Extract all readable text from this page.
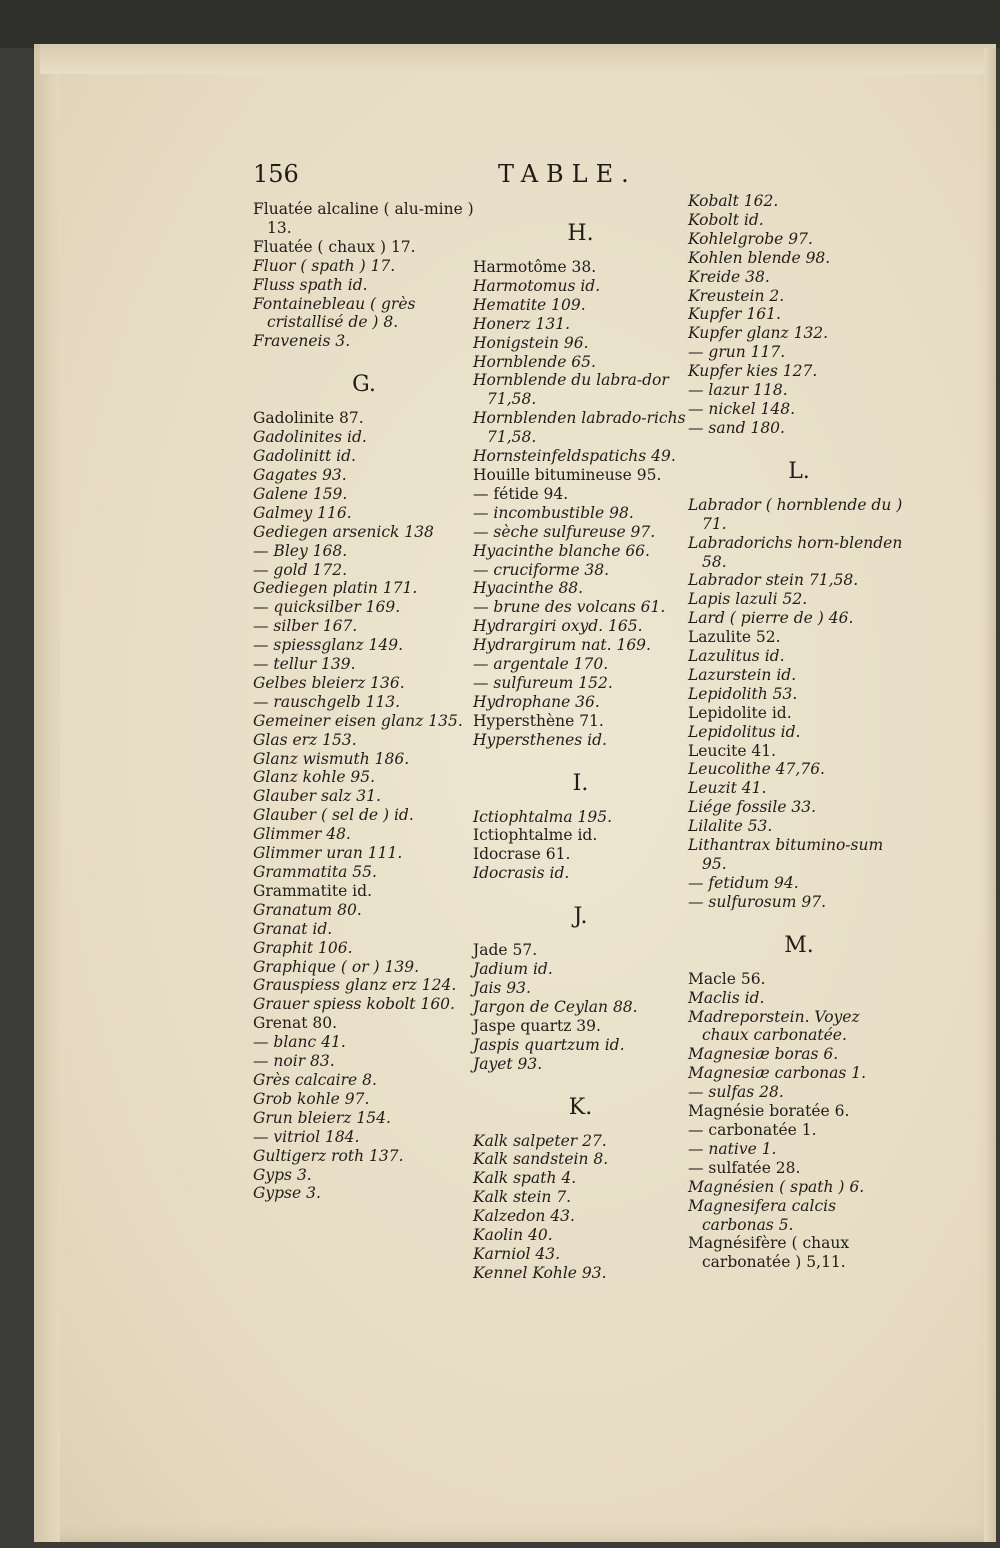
156	TABLE.
Fluatée alcaline ( alu-mine ) 13.
Fluatée ( chaux ) 17.
Fluor ( spath ) 17.
Fluss spath id.
Fontainebleau ( grès cristallisé de ) 8.
Fraveneis 3.
G.
Gadolinite 87.
Gadolinites id.
Gadolinitt id.
Gagates 93.
Galene 159.
Galmey 116.
Gediegen arsenick 138
— Bley 168.
— gold 172.
Gediegen platin 171.
— quicksilber 169.
— silber 167.
— spiessglanz 149.
— tellur 139.
Gelbes bleierz 136.
— rauschgelb 113.
Gemeiner eisen glanz 135.
Glas erz 153.
Glanz wismuth 186.
Glanz kohle 95.
Glauber salz 31.
Glauber ( sel de ) id.
Glimmer 48.
Glimmer uran 111.
Grammatita 55.
Grammatite id.
Granatum 80.
Granat id.
Graphit 106.
Graphique ( or ) 139.
Grauspiess glanz erz 124.
Grauer spiess kobolt 160.
Grenat 80.
— blanc 41.
— noir 83.
Grès calcaire 8.
Grob kohle 97.
Grun bleierz 154.
— vitriol 184.
Gultigerz roth 137.
Gyps 3.
Gypse 3.
H.
Harmotôme 38.
Harmotomus id.
Hematite 109.
Honerz 131.
Honigstein 96.
Hornblende 65.
Hornblende du labra-dor 71,58.
Hornblenden labrado-richs 71,58.
Hornsteinfeldspatichs 49.
Houille bitumineuse 95.
— fétide 94.
— incombustible 98.
— sèche sulfureuse 97.
Hyacinthe blanche 66.
— cruciforme 38.
Hyacinthe 88.
— brune des volcans 61.
Hydrargiri oxyd. 165.
Hydrargirum nat. 169.
— argentale 170.
— sulfureum 152.
Hydrophane 36.
Hypersthène 71.
Hypersthenes id.
I.
Ictiophtalma 195.
Ictiophtalme id.
Idocrase 61.
Idocrasis id.
J.
Jade 57.
Jadium id.
Jais 93.
Jargon de Ceylan 88.
Jaspe quartz 39.
Jaspis quartzum id.
Jayet 93.
K.
Kalk salpeter 27.
Kalk sandstein 8.
Kalk spath 4.
Kalk stein 7.
Kalzedon 43.
Kaolin 40.
Karniol 43.
Kennel Kohle 93.
Kobalt 162.
Kobolt id.
Kohlelgrobe 97.
Kohlen blende 98.
Kreide 38.
Kreustein 2.
Kupfer 161.
Kupfer glanz 132.
— grun 117.
Kupfer kies 127.
— lazur 118.
— nickel 148.
— sand 180.
L.
Labrador ( hornblende du ) 71.
Labradorichs horn-blenden 58.
Labrador stein 71,58.
Lapis lazuli 52.
Lard ( pierre de ) 46.
Lazulite 52.
Lazulitus id.
Lazurstein id.
Lepidolith 53.
Lepidolite id.
Lepidolitus id.
Leucite 41.
Leucolithe 47,76.
Leuzit 41.
Liége fossile 33.
Lilalite 53.
Lithantrax bitumino-sum 95.
— fetidum 94.
— sulfurosum 97.
M.
Macle 56.
Maclis id.
Madreporstein. Voyez chaux carbonatée.
Magnesiæ boras 6.
Magnesiæ carbonas 1.
— sulfas 28.
Magnésie boratée 6.
— carbonatée 1.
— native 1.
— sulfatée 28.
Magnésien ( spath ) 6.
Magnesifera calcis carbonas 5.
Magnésifère ( chaux carbonatée ) 5,11.
